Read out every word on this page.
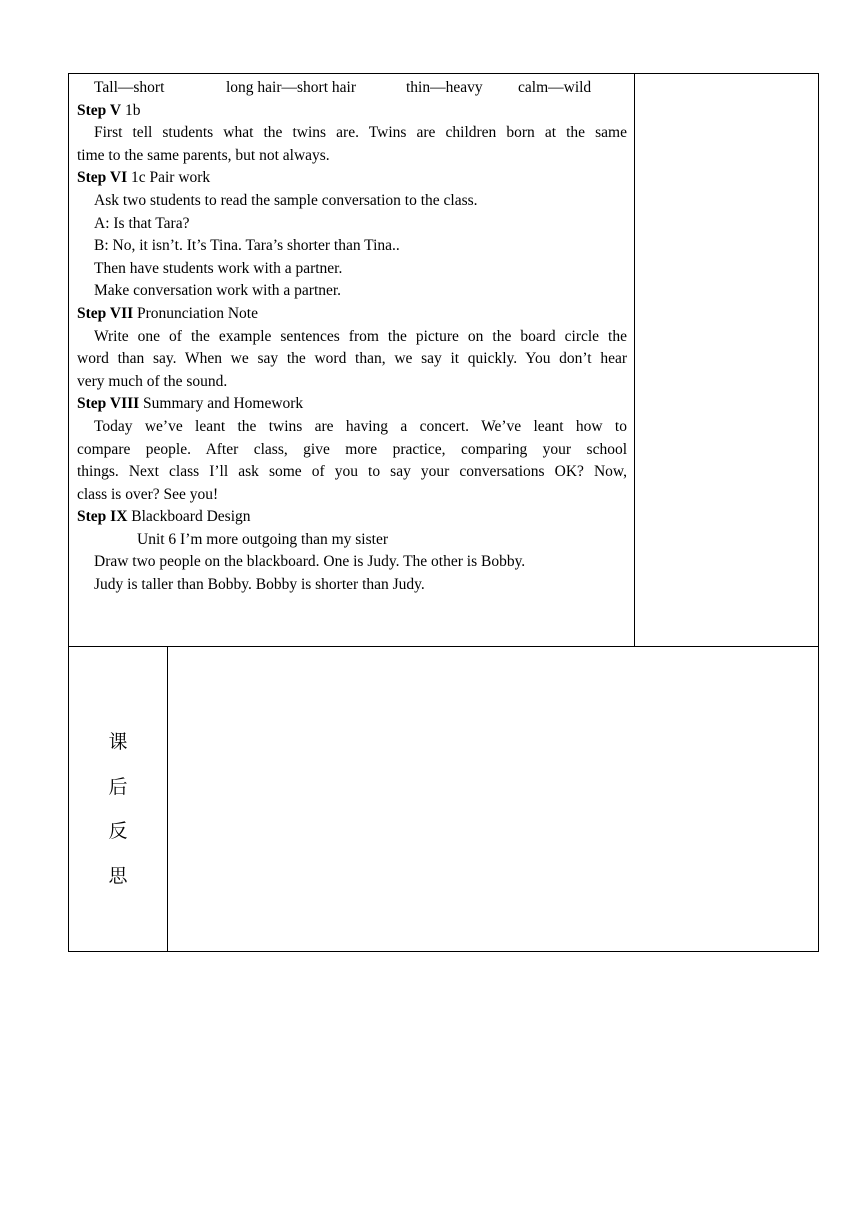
Tall—short	long hair—short hair	thin—heavy calm—wild
Step V 1b
First tell students what the twins are. Twins are children born at the same
time to the same parents, but not always.
Step VI 1c Pair work
Ask two students to read the sample conversation to the class.
A: Is that Tara?
B: No, it isn’t. It’s Tina. Tara’s shorter than Tina..
Then have students work with a partner.
Make conversation work with a partner.
Step VII Pronunciation Note
Write one of the example sentences from the picture on the board circle the
word than say. When we say the word than, we say it quickly. You don’t hear
very much of the sound.
Step VIII Summary and Homework
Today we’ve leant the twins are having a concert. We’ve leant how to
compare people. After class, give more practice, comparing your school
things. Next class I’ll ask some of you to say your conversations OK? Now,
class is over? See you!
Step IX Blackboard Design
Unit 6 I’m more outgoing than my sister
Draw two people on the blackboard. One is Judy. The other is Bobby.
Judy is taller than Bobby. Bobby is shorter than Judy.
课
后
反
思
